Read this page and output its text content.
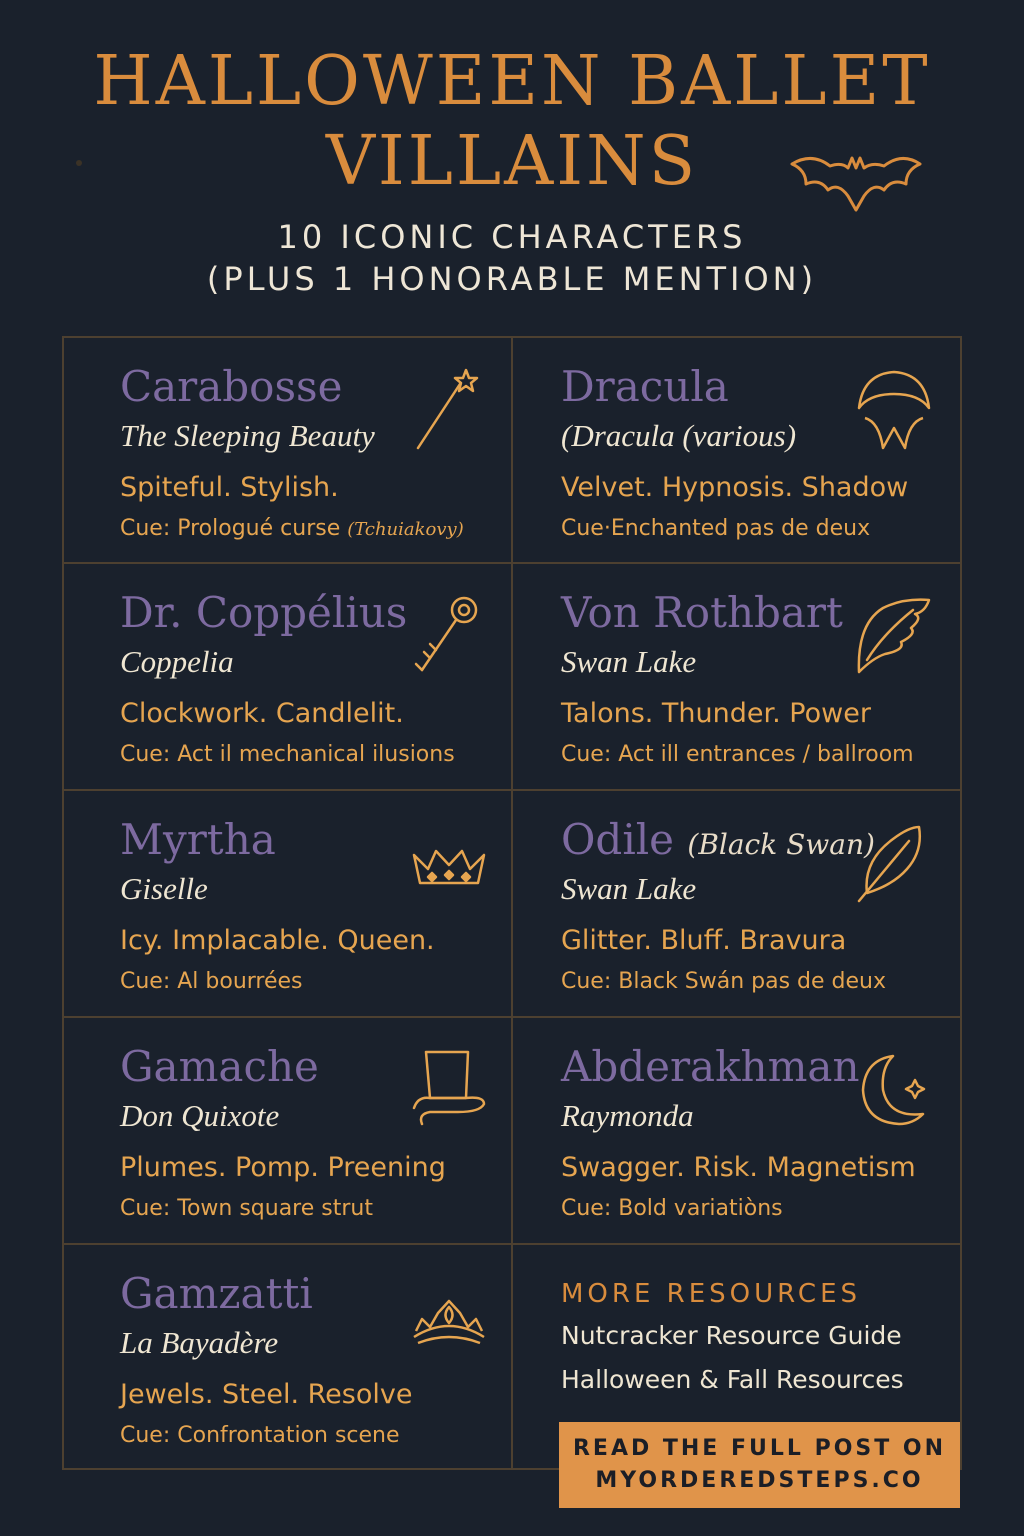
HALLOWEEN BALLET
VILLAINS
10 ICONIC CHARACTERS
(PLUS 1 HONORABLE MENTION)
Carabosse
The Sleeping Beauty
Spiteful. Stylish.
Cue: Prologué curse (Tchuiakovy)
Dracula
(Dracula (various)
Velvet. Hypnosis. Shadow
Cue·Enchanted pas de deux
Dr. Coppélius
Coppelia
Clockwork. Candlelit.
Cue: Act il mechanical ilusions
Von Rothbart
Swan Lake
Talons. Thunder. Power
Cue: Act ill entrances / ballroom
Myrtha
Giselle
Icy. Implacable. Queen.
Cue: Al bourrées
Odile (Black Swan)
Swan Lake
Glitter. Bluff. Bravura
Cue: Black Swán pas de deux
Gamache
Don Quixote
Plumes. Pomp. Preening
Cue: Town square strut
Abderakhman
Raymonda
Swagger. Risk. Magnetism
Cue: Bold variatiòns
Gamzatti
La Bayadère
Jewels. Steel. Resolve
Cue: Confrontation scene
MORE RESOURCES
Nutcracker Resource Guide
Halloween & Fall Resources
READ THE FULL POST ON
MYORDEREDSTEPS.CO
